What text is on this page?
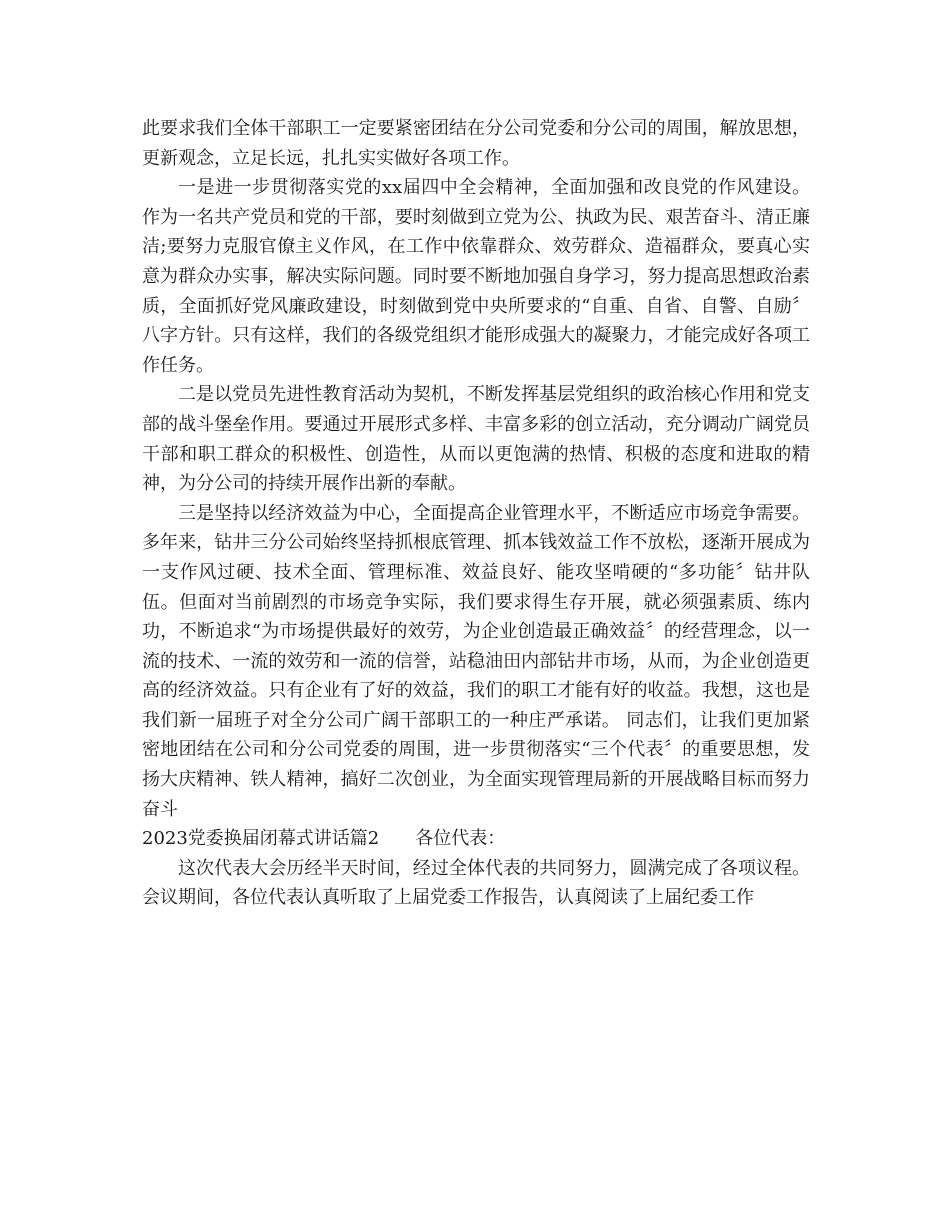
此要求我们全体干部职工一定要紧密团结在分公司党委和分公司的周围，解放思想，更新观念，立足长远，扎扎实实做好各项工作。

一是进一步贯彻落实党的xx届四中全会精神，全面加强和改良党的作风建设。作为一名共产党员和党的干部，要时刻做到立党为公、执政为民、艰苦奋斗、清正廉洁;要努力克服官僚主义作风，在工作中依靠群众、效劳群众、造福群众，要真心实意为群众办实事，解决实际问题。同时要不断地加强自身学习，努力提高思想政治素质，全面抓好党风廉政建设，时刻做到党中央所要求的“自重、自省、自警、自励〞八字方针。只有这样，我们的各级党组织才能形成强大的凝聚力，才能完成好各项工作任务。

二是以党员先进性教育活动为契机，不断发挥基层党组织的政治核心作用和党支部的战斗堡垒作用。要通过开展形式多样、丰富多彩的创立活动，充分调动广阔党员干部和职工群众的积极性、创造性，从而以更饱满的热情、积极的态度和进取的精神，为分公司的持续开展作出新的奉献。

三是坚持以经济效益为中心，全面提高企业管理水平，不断适应市场竞争需要。多年来，钻井三分公司始终坚持抓根底管理、抓本钱效益工作不放松，逐渐开展成为一支作风过硬、技术全面、管理标准、效益良好、能攻坚啃硬的“多功能〞钻井队伍。但面对当前剧烈的市场竞争实际，我们要求得生存开展，就必须强素质、练内功，不断追求“为市场提供最好的效劳，为企业创造最正确效益〞的经营理念，以一流的技术、一流的效劳和一流的信誉，站稳油田内部钻井市场，从而，为企业创造更高的经济效益。只有企业有了好的效益，我们的职工才能有好的收益。我想，这也是我们新一届班子对全分公司广阔干部职工的一种庄严承诺。 同志们，让我们更加紧密地团结在公司和分公司党委的周围，进一步贯彻落实“三个代表〞的重要思想，发扬大庆精神、铁人精神，搞好二次创业，为全面实现管理局新的开展战略目标而努力奋斗

2023党委换届闭幕式讲话篇2 各位代表：

这次代表大会历经半天时间，经过全体代表的共同努力，圆满完成了各项议程。会议期间，各位代表认真听取了上届党委工作报告，认真阅读了上届纪委工作
